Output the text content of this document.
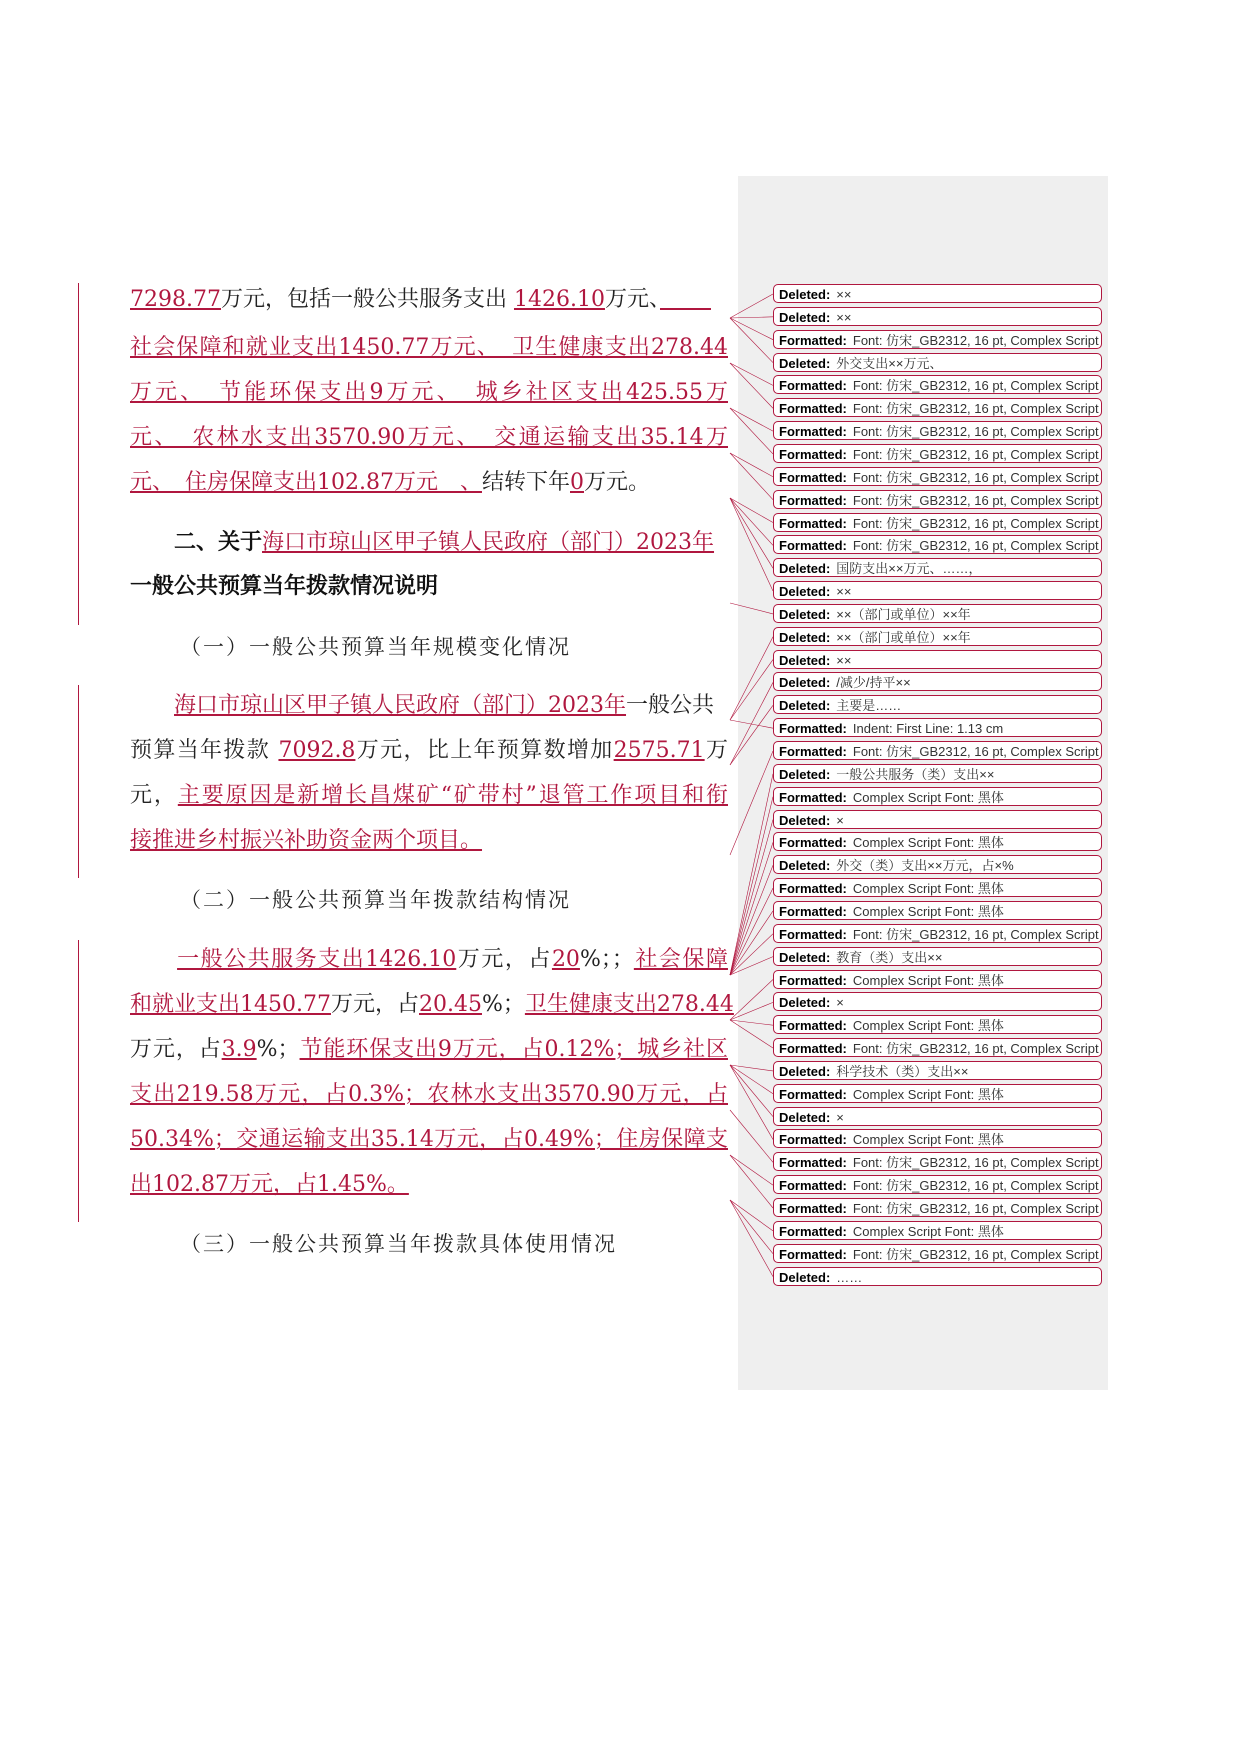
7298.77万元，包括一般公共服务支出 1426.10万元、　 　
社会保障和就业支出1450.77万元、　卫生健康支出278.44
万元、　节能环保支出9万元、　城乡社区支出425.55万
元、　农林水支出3570.90万元、　交通运输支出35.14万
元、　住房保障支出102.87万元　、结转下年0万元。
　　二、关于海口市琼山区甲子镇人民政府（部门）2023年
一般公共预算当年拨款情况说明
（一）一般公共预算当年规模变化情况
　　海口市琼山区甲子镇人民政府（部门）2023年一般公共
预算当年拨款 7092.8万元，比上年预算数增加2575.71万
元，主要原因是新增长昌煤矿“矿带村”退管工作项目和衔
接推进乡村振兴补助资金两个项目。
（二）一般公共预算当年拨款结构情况
　　一般公共服务支出1426.10万元，占20%；；社会保障
和就业支出1450.77万元，占20.45%；卫生健康支出278.44
万元，占3.9%；节能环保支出9万元，占0.12%；城乡社区
支出219.58万元，占0.3%；农林水支出3570.90万元，占
50.34%；交通运输支出35.14万元，占0.49%；住房保障支
出102.87万元，占1.45%。
（三）一般公共预算当年拨款具体使用情况
Deleted: ××
Deleted: ××
Formatted: Font: 仿宋_GB2312, 16 pt, Complex Script
Deleted: 外交支出××万元、
Formatted: Font: 仿宋_GB2312, 16 pt, Complex Script
Formatted: Font: 仿宋_GB2312, 16 pt, Complex Script
Formatted: Font: 仿宋_GB2312, 16 pt, Complex Script
Formatted: Font: 仿宋_GB2312, 16 pt, Complex Script
Formatted: Font: 仿宋_GB2312, 16 pt, Complex Script
Formatted: Font: 仿宋_GB2312, 16 pt, Complex Script
Formatted: Font: 仿宋_GB2312, 16 pt, Complex Script
Formatted: Font: 仿宋_GB2312, 16 pt, Complex Script
Deleted: 国防支出××万元、……，
Deleted: ××
Deleted: ××（部门或单位）××年
Deleted: ××（部门或单位）××年
Deleted: ××
Deleted: /减少/持平××
Deleted: 主要是……
Formatted: Indent: First Line: 1.13 cm
Formatted: Font: 仿宋_GB2312, 16 pt, Complex Script
Deleted: 一般公共服务（类）支出××
Formatted: Complex Script Font: 黑体
Deleted: ×
Formatted: Complex Script Font: 黑体
Deleted: 外交（类）支出××万元，占×%
Formatted: Complex Script Font: 黑体
Formatted: Complex Script Font: 黑体
Formatted: Font: 仿宋_GB2312, 16 pt, Complex Script
Deleted: 教育（类）支出××
Formatted: Complex Script Font: 黑体
Deleted: ×
Formatted: Complex Script Font: 黑体
Formatted: Font: 仿宋_GB2312, 16 pt, Complex Script
Deleted: 科学技术（类）支出××
Formatted: Complex Script Font: 黑体
Deleted: ×
Formatted: Complex Script Font: 黑体
Formatted: Font: 仿宋_GB2312, 16 pt, Complex Script
Formatted: Font: 仿宋_GB2312, 16 pt, Complex Script
Formatted: Font: 仿宋_GB2312, 16 pt, Complex Script
Formatted: Complex Script Font: 黑体
Formatted: Font: 仿宋_GB2312, 16 pt, Complex Script
Deleted: ……
